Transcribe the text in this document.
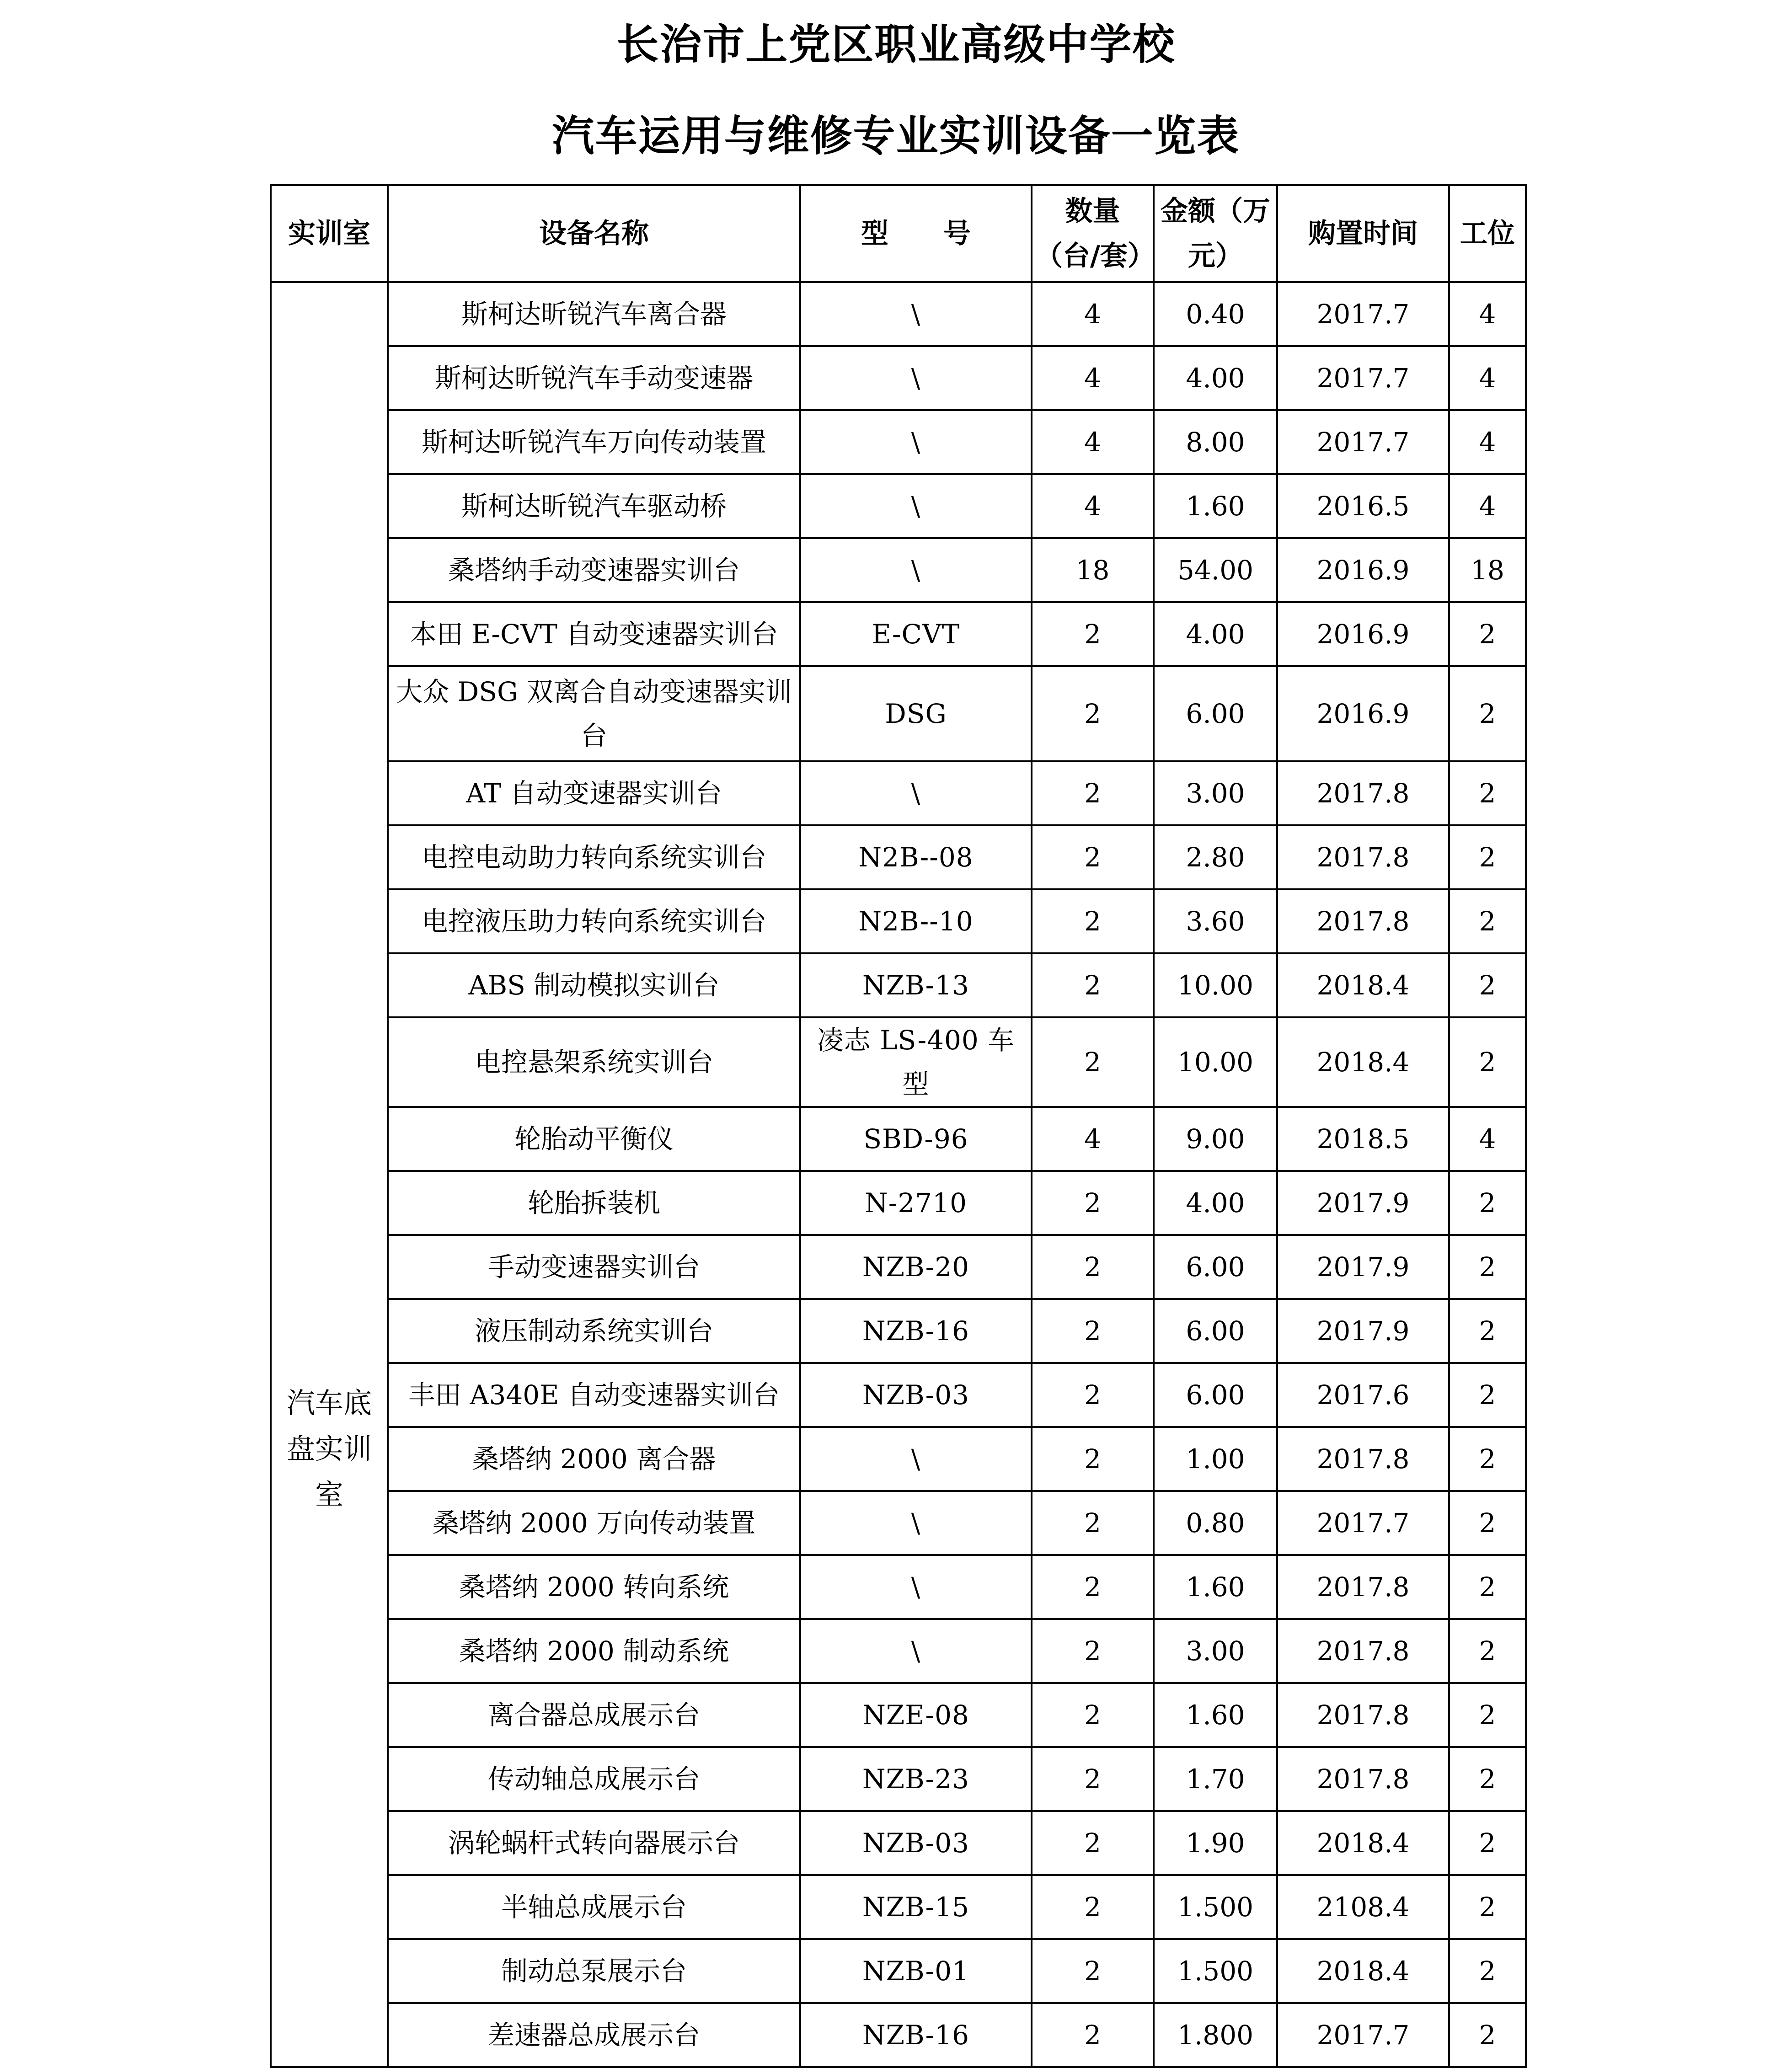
长治市上党区职业高级中学校
汽车运用与维修专业实训设备一览表
实训室	设备名称	型　　号	数量（台/套）	金额（万元）	购置时间	工位
汽车底盘实训室	斯柯达昕锐汽车离合器	\	4	0.40	2017.7	4
	斯柯达昕锐汽车手动变速器	\	4	4.00	2017.7	4
	斯柯达昕锐汽车万向传动装置	\	4	8.00	2017.7	4
	斯柯达昕锐汽车驱动桥	\	4	1.60	2016.5	4
	桑塔纳手动变速器实训台	\	18	54.00	2016.9	18
	本田 E-CVT 自动变速器实训台	E-CVT	2	4.00	2016.9	2
	大众 DSG 双离合自动变速器实训台	DSG	2	6.00	2016.9	2
	AT 自动变速器实训台	\	2	3.00	2017.8	2
	电控电动助力转向系统实训台	N2B--08	2	2.80	2017.8	2
	电控液压助力转向系统实训台	N2B--10	2	3.60	2017.8	2
	ABS 制动模拟实训台	NZB-13	2	10.00	2018.4	2
	电控悬架系统实训台	凌志 LS-400 车型	2	10.00	2018.4	2
	轮胎动平衡仪	SBD-96	4	9.00	2018.5	4
	轮胎拆装机	N-2710	2	4.00	2017.9	2
	手动变速器实训台	NZB-20	2	6.00	2017.9	2
	液压制动系统实训台	NZB-16	2	6.00	2017.9	2
	丰田 A340E 自动变速器实训台	NZB-03	2	6.00	2017.6	2
	桑塔纳 2000 离合器	\	2	1.00	2017.8	2
	桑塔纳 2000 万向传动装置	\	2	0.80	2017.7	2
	桑塔纳 2000 转向系统	\	2	1.60	2017.8	2
	桑塔纳 2000 制动系统	\	2	3.00	2017.8	2
	离合器总成展示台	NZE-08	2	1.60	2017.8	2
	传动轴总成展示台	NZB-23	2	1.70	2017.8	2
	涡轮蜗杆式转向器展示台	NZB-03	2	1.90	2018.4	2
	半轴总成展示台	NZB-15	2	1.500	2108.4	2
	制动总泵展示台	NZB-01	2	1.500	2018.4	2
	差速器总成展示台	NZB-16	2	1.800	2017.7	2
